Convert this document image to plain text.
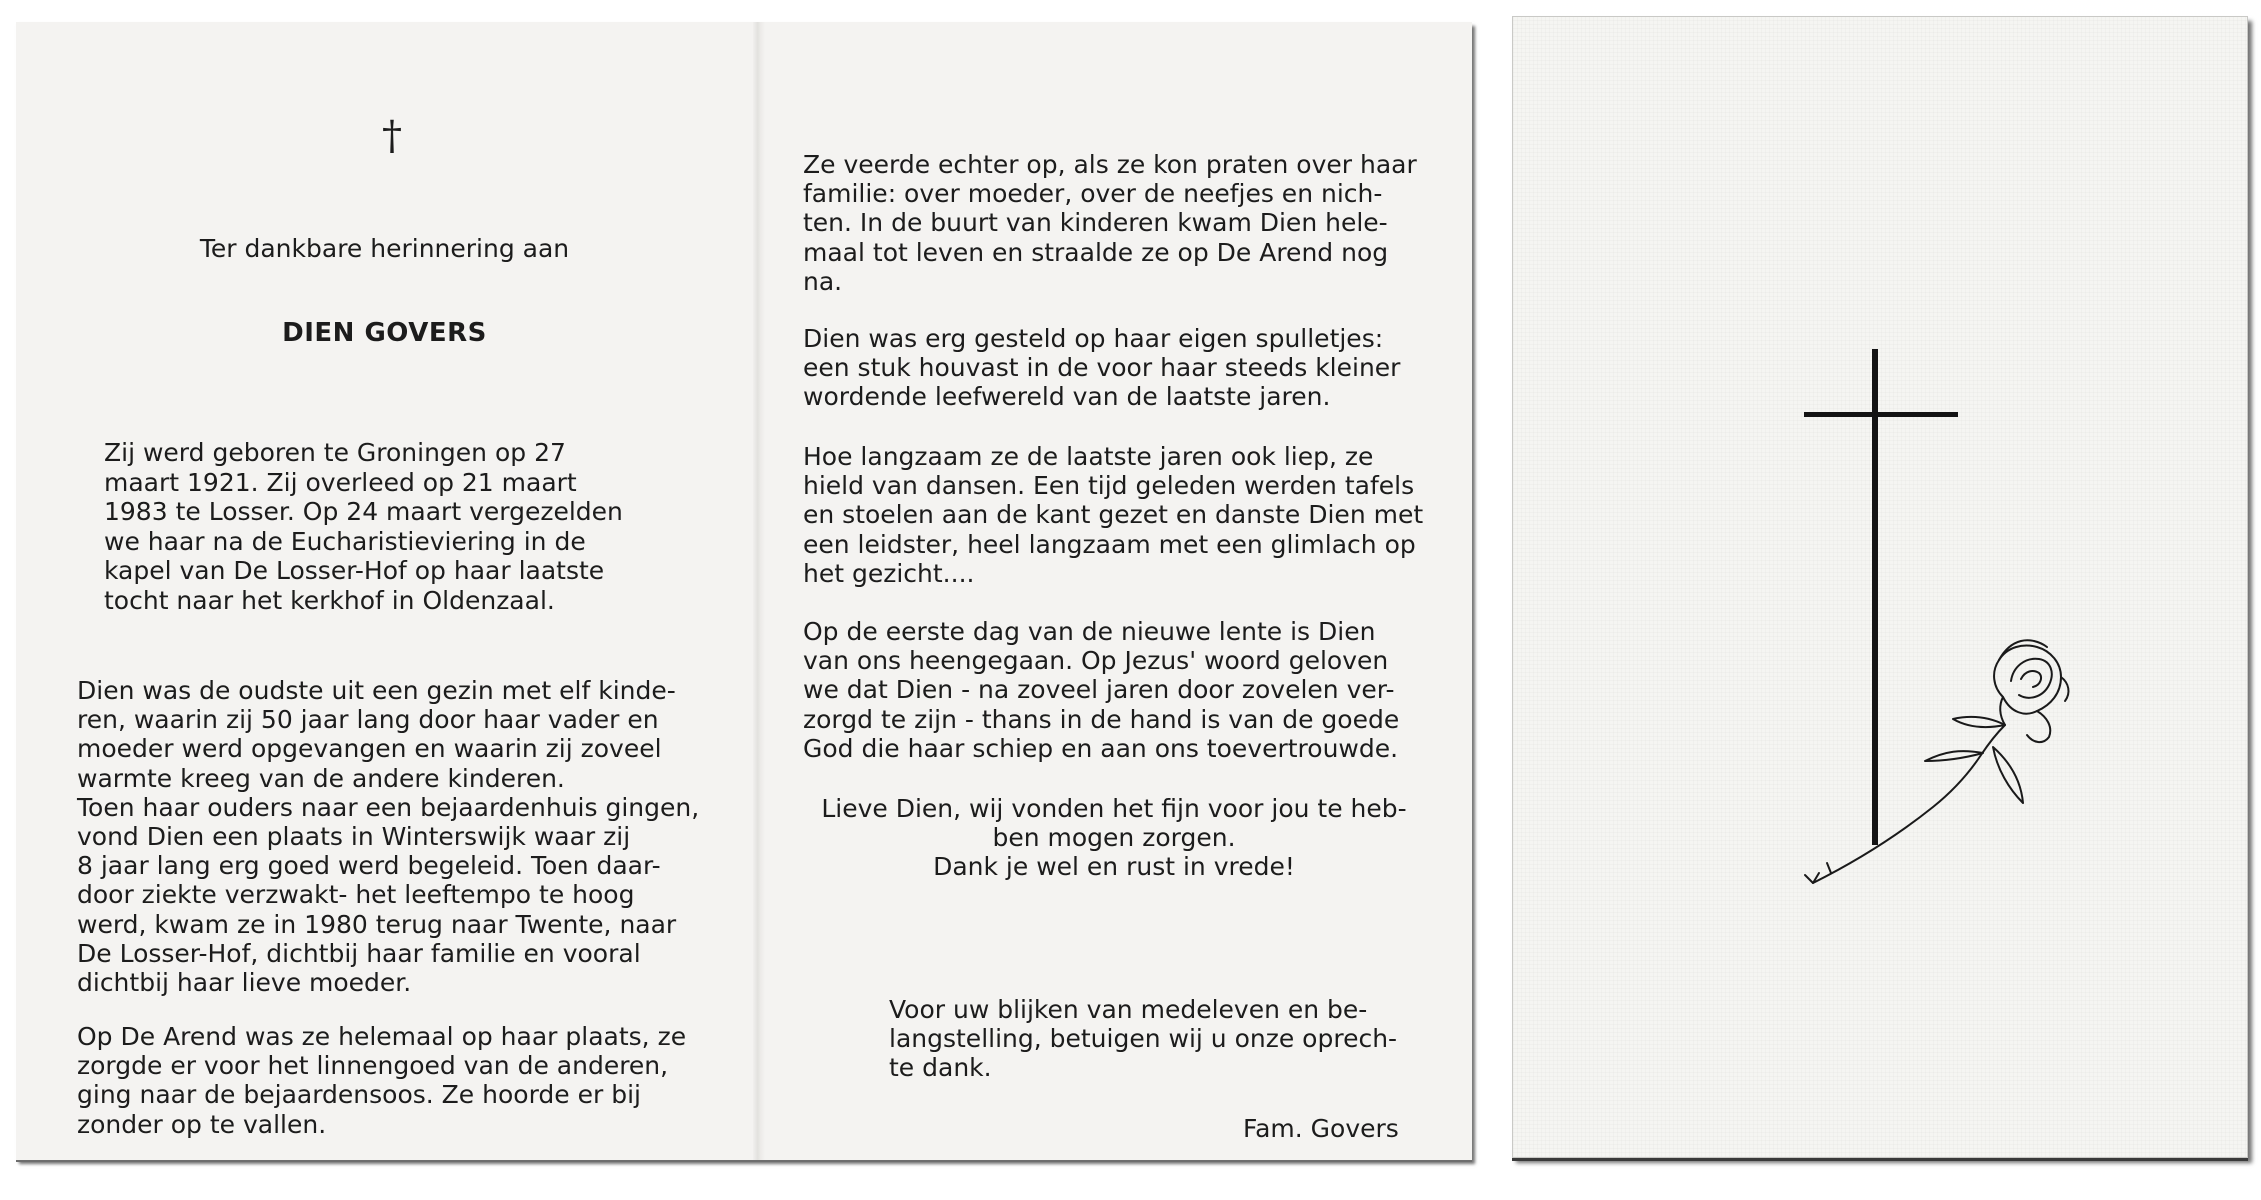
†
Ter dankbare herinnering aan
DIEN GOVERS
Zij werd geboren te Groningen op 27
maart 1921. Zij overleed op 21 maart
1983 te Losser. Op 24 maart vergezelden
we haar na de Eucharistieviering in de
kapel van De Losser-Hof op haar laatste
tocht naar het kerkhof in Oldenzaal.
Dien was de oudste uit een gezin met elf kinde-
ren, waarin zij 50 jaar lang door haar vader en
moeder werd opgevangen en waarin zij zoveel
warmte kreeg van de andere kinderen.
Toen haar ouders naar een bejaardenhuis gingen,
vond Dien een plaats in Winterswijk waar zij
8 jaar lang erg goed werd begeleid. Toen daar-
door ziekte verzwakt- het leeftempo te hoog
werd, kwam ze in 1980 terug naar Twente, naar
De Losser-Hof, dichtbij haar familie en vooral
dichtbij haar lieve moeder.
Op De Arend was ze helemaal op haar plaats, ze
zorgde er voor het linnengoed van de anderen,
ging naar de bejaardensoos. Ze hoorde er bij
zonder op te vallen.
Ze veerde echter op, als ze kon praten over haar
familie: over moeder, over de neefjes en nich-
ten. In de buurt van kinderen kwam Dien hele-
maal tot leven en straalde ze op De Arend nog
na.
Dien was erg gesteld op haar eigen spulletjes:
een stuk houvast in de voor haar steeds kleiner
wordende leefwereld van de laatste jaren.
Hoe langzaam ze de laatste jaren ook liep, ze
hield van dansen. Een tijd geleden werden tafels
en stoelen aan de kant gezet en danste Dien met
een leidster, heel langzaam met een glimlach op
het gezicht....
Op de eerste dag van de nieuwe lente is Dien
van ons heengegaan. Op Jezus' woord geloven
we dat Dien - na zoveel jaren door zovelen ver-
zorgd te zijn - thans in de hand is van de goede
God die haar schiep en aan ons toevertrouwde.
Lieve Dien, wij vonden het fijn voor jou te heb-
ben mogen zorgen.
Dank je wel en rust in vrede!
Voor uw blijken van medeleven en be-
langstelling, betuigen wij u onze oprech-
te dank.
Fam. Govers
